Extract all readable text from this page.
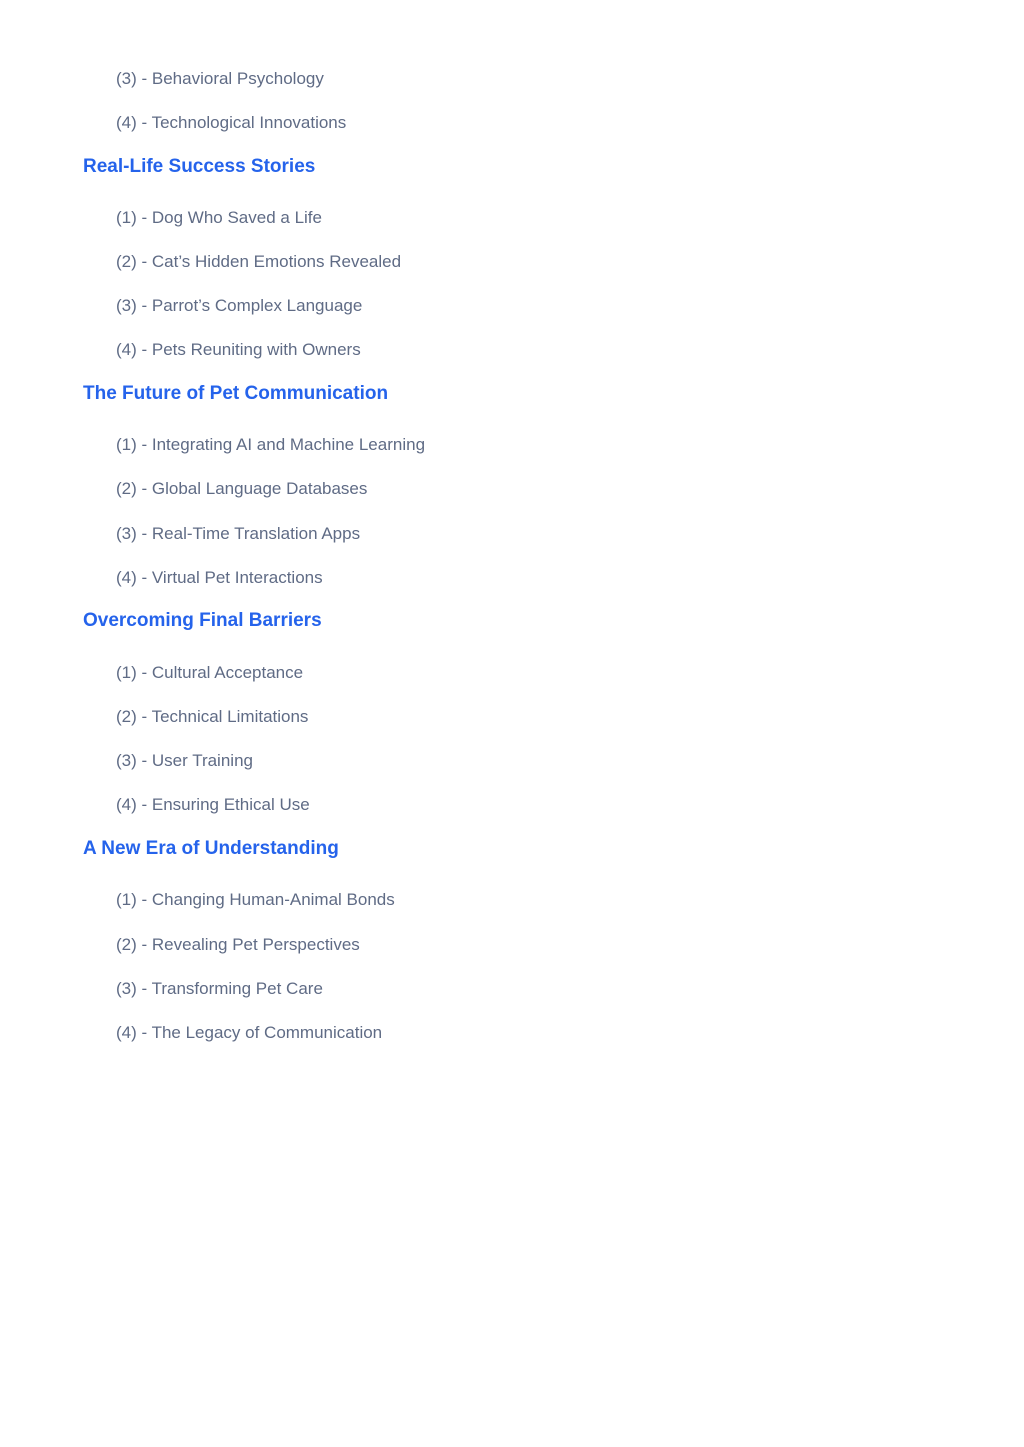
(3) - Behavioral Psychology
(4) - Technological Innovations
Real-Life Success Stories
(1) - Dog Who Saved a Life
(2) - Cat’s Hidden Emotions Revealed
(3) - Parrot’s Complex Language
(4) - Pets Reuniting with Owners
The Future of Pet Communication
(1) - Integrating AI and Machine Learning
(2) - Global Language Databases
(3) - Real-Time Translation Apps
(4) - Virtual Pet Interactions
Overcoming Final Barriers
(1) - Cultural Acceptance
(2) - Technical Limitations
(3) - User Training
(4) - Ensuring Ethical Use
A New Era of Understanding
(1) - Changing Human-Animal Bonds
(2) - Revealing Pet Perspectives
(3) - Transforming Pet Care
(4) - The Legacy of Communication
